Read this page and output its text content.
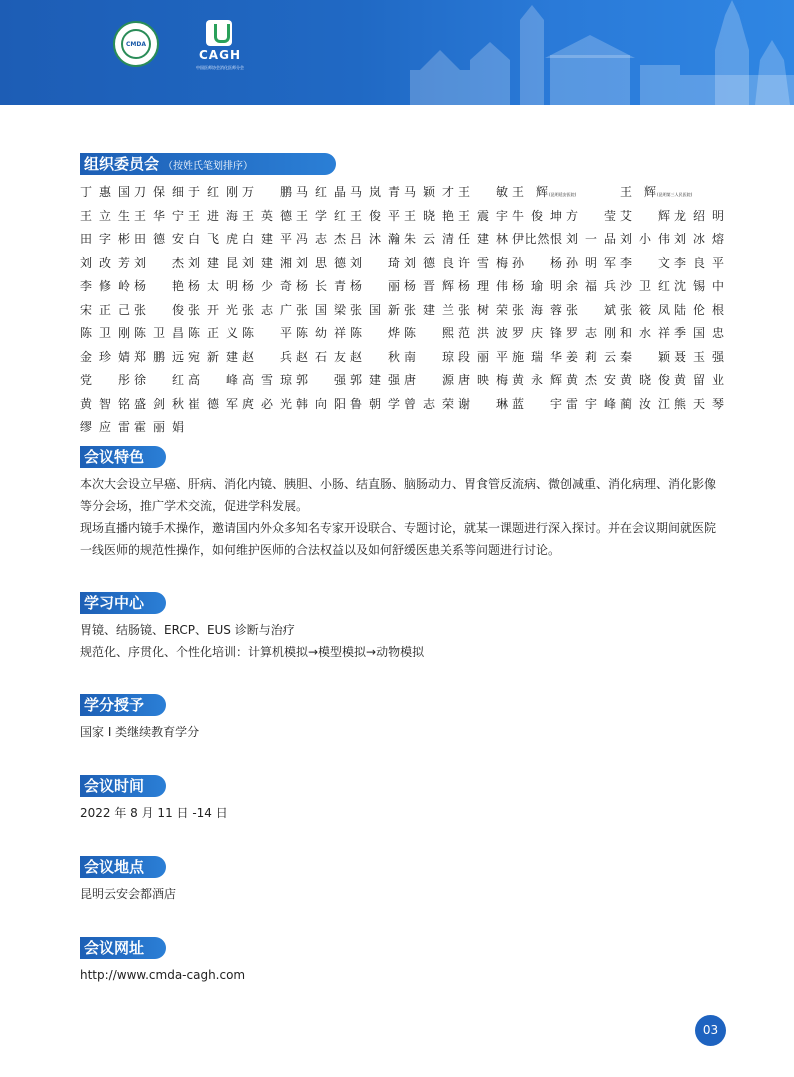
CMDA
CAGH
中国医师协会消化医师分会
组织委员会 （按姓氏笔划排序）
丁惠国 刀保细 于红刚 万　鹏 马红晶 马岚青 马颖才 王　敏 王　辉(昆明延安医院)	王　辉(昆明第三人民医院)
王立生 王华宁 王进海 王英德 王学红 王俊平 王晓艳 王震宇 牛俊坤 方　莹 艾　辉 龙绍明
田字彬 田德安 白飞虎 白建平 冯志杰 吕沐瀚 朱云清 任建林 伊比然恨 刘一品 刘小伟 刘冰熔
刘改芳 刘　杰 刘建昆 刘建湘 刘思德 刘　琦 刘德良 许雪梅 孙　杨 孙明军 李　文 李良平
李修岭 杨　艳 杨太明 杨少奇 杨长青 杨　丽 杨晋辉 杨理伟 杨瑜明 余福兵 沙卫红 沈锡中
宋正己 张　俊 张开光 张志广 张国梁 张国新 张建兰 张树荣 张海蓉 张　斌 张筱凤 陆伦根
陈卫刚 陈卫昌 陈正义 陈　平 陈幼祥 陈　烨 陈　熙 范洪波 罗庆锋 罗志刚 和水祥 季国忠
金珍婧 郑鹏远 宛新建 赵　兵 赵石友 赵　秋 南　琼 段丽平 施瑞华 姜莉云 秦　颖 聂玉强
党　彤 徐　红 高　峰 高雪琼 郭　强 郭建强 唐　源 唐映梅 黄永辉 黄杰安 黄晓俊 黄留业
黄智铭 盛剑秋 崔德军 庹必光 韩向阳 鲁朝学 曾志荣 谢　琳 蓝　宇 雷宇峰 蔺汝江 熊天琴
缪应雷 霍丽娟
会议特色

本次大会设立早癌、肝病、消化内镜、胰胆、小肠、结直肠、脑肠动力、胃食管反流病、微创减重、消化病理、消化影像等分会场，推广学术交流，促进学科发展。

现场直播内镜手术操作，邀请国内外众多知名专家开设联合、专题讨论，就某一课题进行深入探讨。并在会议期间就医院一线医师的规范性操作，如何维护医师的合法权益以及如何舒缓医患关系等问题进行讨论。

学习中心

胃镜、结肠镜、ERCP、EUS 诊断与治疗

规范化、序贯化、个性化培训：计算机模拟→模型模拟→动物模拟

学分授予

国家 I 类继续教育学分

会议时间

2022 年 8 月 11 日 -14 日

会议地点

昆明云安会都酒店

会议网址

http://www.cmda-cagh.com

03
